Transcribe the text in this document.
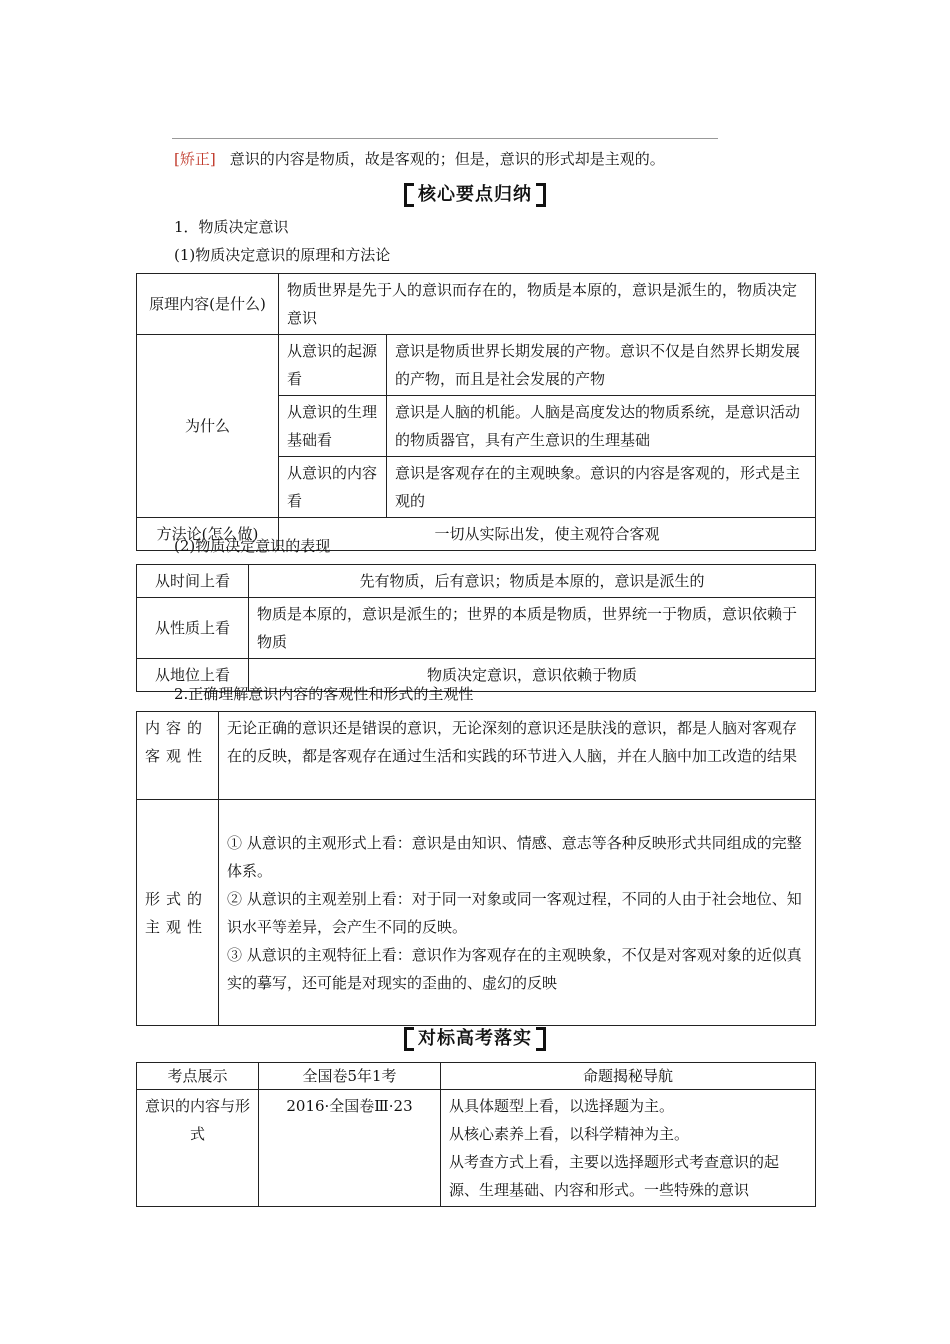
[矫正] 意识的内容是物质，故是客观的；但是，意识的形式却是主观的。
核心要点归纳
1．物质决定意识
(1)物质决定意识的原理和方法论
原理内容(是什么)	物质世界是先于人的意识而存在的，物质是本原的，意识是派生的，物质决定意识	
为什么	从意识的起源看	意识是物质世界长期发展的产物。意识不仅是自然界长期发展的产物，而且是社会发展的产物
	从意识的生理基础看	意识是人脑的机能。人脑是高度发达的物质系统，是意识活动的物质器官，具有产生意识的生理基础
	从意识的内容看	意识是客观存在的主观映象。意识的内容是客观的，形式是主观的
方法论(怎么做)	一切从实际出发，使主观符合客观	
(2)物质决定意识的表现
从时间上看	先有物质，后有意识；物质是本原的，意识是派生的
从性质上看	物质是本原的，意识是派生的；世界的本质是物质，世界统一于物质，意识依赖于物质
从地位上看	物质决定意识，意识依赖于物质
2.正确理解意识内容的客观性和形式的主观性
内容的客观性	无论正确的意识还是错误的意识，无论深刻的意识还是肤浅的意识，都是人脑对客观存在的反映，都是客观存在通过生活和实践的环节进入人脑，并在人脑中加工改造的结果
形式的主观性	① 从意识的主观形式上看：意识是由知识、情感、意志等各种反映形式共同组成的完整体系。
② 从意识的主观差别上看：对于同一对象或同一客观过程，不同的人由于社会地位、知识水平等差异，会产生不同的反映。
③ 从意识的主观特征上看：意识作为客观存在的主观映象，不仅是对客观对象的近似真实的摹写，还可能是对现实的歪曲的、虚幻的反映
对标高考落实
考点展示	全国卷5年1考	命题揭秘导航
意识的内容与形式	2016·全国卷Ⅲ·23	从具体题型上看，以选择题为主。
从核心素养上看，以科学精神为主。
从考查方式上看，主要以选择题形式考查意识的起源、生理基础、内容和形式。一些特殊的意识
